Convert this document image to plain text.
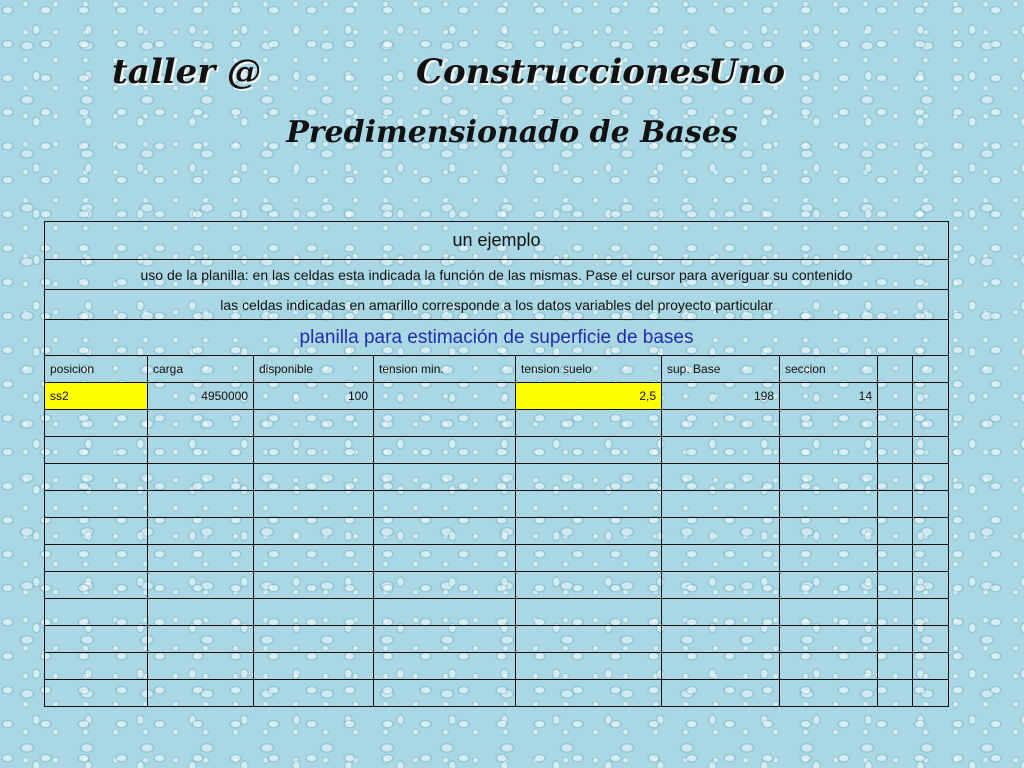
taller @	Construcciones
Uno
Predimensionado de Bases
un ejemplo								
uso de la planilla: en las celdas esta indicada la función de las mismas. Pase el cursor para averiguar su contenido								
las celdas indicadas en amarillo corresponde a los datos variables del proyecto particular								
planilla para estimación de superficie de bases								
posicion	carga	disponible	tension min.	tension suelo	sup. Base	seccion		
ss2	4950000	100		2,5	198	14		
